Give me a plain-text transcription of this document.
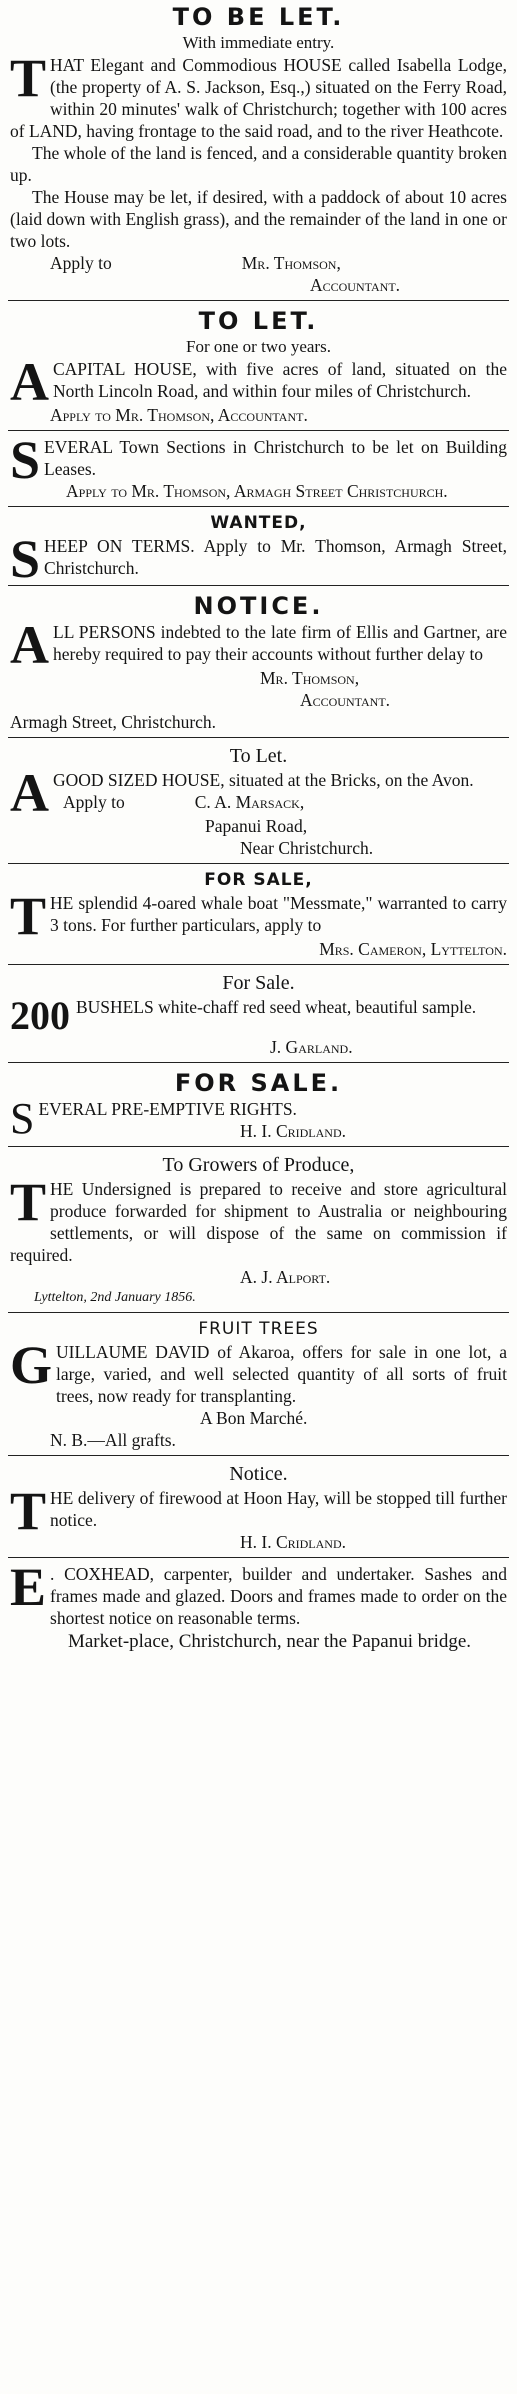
TO BE LET.
With immediate entry.
T HAT Elegant and Commodious HOUSE called Isabella Lodge, (the property of A. S. Jackson, Esq.,) situated on the Ferry Road, within 20 minutes' walk of Christchurch; together with 100 acres of LAND, having frontage to the said road, and to the river Heathcote.

The whole of the land is fenced, and a considerable quantity broken up.

The House may be let, if desired, with a paddock of about 10 acres (laid down with English grass), and the remainder of the land in one or two lots.

Apply to	Mr. Thomson,

Accountant.

TO LET.
For one or two years.
A CAPITAL HOUSE, with five acres of land, situated on the North Lincoln Road, and within four miles of Christchurch.

Apply to Mr. Thomson, Accountant.

S EVERAL Town Sections in Christchurch to be let on Building Leases.

Apply to Mr. Thomson, Armagh Street Christchurch.

WANTED,
S HEEP ON TERMS. Apply to Mr. Thomson, Armagh Street, Christchurch.

NOTICE.
A LL PERSONS indebted to the late firm of Ellis and Gartner, are hereby required to pay their accounts without further delay to

Mr. Thomson,

Accountant.

Armagh Street, Christchurch.

To Let.
A GOOD SIZED HOUSE, situated at the Bricks, on the Avon.

Apply to	C. A. Marsack,

Papanui Road,

Near Christchurch.

FOR SALE,
T HE splendid 4-oared whale boat "Messmate," warranted to carry 3 tons. For further particulars, apply to

Mrs. Cameron, Lyttelton.

For Sale.
200 BUSHELS white-chaff red seed wheat, beautiful sample.

J. Garland.

FOR SALE.
S EVERAL PRE-EMPTIVE RIGHTS.

H. I. Cridland.

To Growers of Produce,
T HE Undersigned is prepared to receive and store agricultural produce forwarded for shipment to Australia or neighbouring settlements, or will dispose of the same on commission if required.

A. J. Alport.

Lyttelton, 2nd January 1856.

FRUIT TREES
G UILLAUME DAVID of Akaroa, offers for sale in one lot, a large, varied, and well selected quantity of all sorts of fruit trees, now ready for transplanting.

A Bon Marché.

N. B.—All grafts.

Notice.
T HE delivery of firewood at Hoon Hay, will be stopped till further notice.

H. I. Cridland.

E . COXHEAD, carpenter, builder and undertaker. Sashes and frames made and glazed. Doors and frames made to order on the shortest notice on reasonable terms.

Market-place, Christchurch, near the Papanui bridge.
